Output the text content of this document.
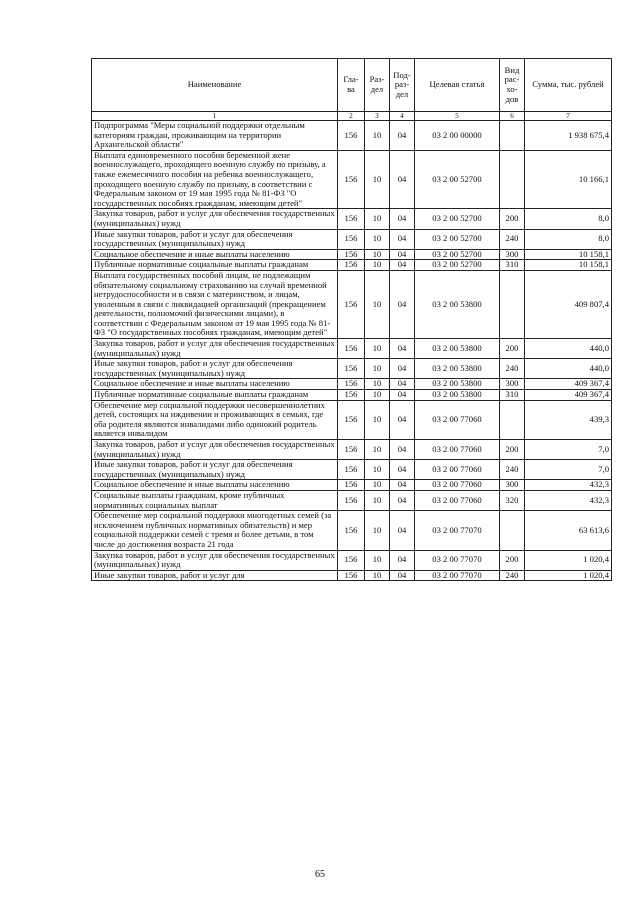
Наименование	Гла-ва	Раз-дел	Под-раз-дел	Целевая статья	Вид рас-хо-дов	Сумма, тыс. рублей
1	2	3	4	5	6	7
Подпрограмма "Меры социальной поддержки отдельным категориям граждан, проживающим на территории Архангельской области"	156	10	04	03 2 00 00000		1 938 675,4
Выплата единовременного пособия беременной жене военнослужащего, проходящего военную службу по призыву, а также ежемесячного пособия на ребенка военнослужащего, проходящего военную службу по призыву, в соответствии с Федеральным законом от 19 мая 1995 года № 81-ФЗ "О государственных пособиях гражданам, имеющим детей"	156	10	04	03 2 00 52700		10 166,1
Закупка товаров, работ и услуг для обеспечения государственных (муниципальных) нужд	156	10	04	03 2 00 52700	200	8,0
Иные закупки товаров, работ и услуг для обеспечения государственных (муниципальных) нужд	156	10	04	03 2 00 52700	240	8,0
Социальное обеспечение и иные выплаты населению	156	10	04	03 2 00 52700	300	10 158,1
Публичные нормативные социальные выплаты гражданам	156	10	04	03 2 00 52700	310	10 158,1
Выплата государственных пособий лицам, не подлежащим обязательному социальному страхованию на случай временной нетрудоспособности и в связи с материнством, и лицам, уволенным в связи с ликвидацией организаций (прекращением деятельности, полномочий физическими лицами), в соответствии с Федеральным законом от 19 мая 1995 года № 81-ФЗ "О государственных пособиях гражданам, имеющим детей"	156	10	04	03 2 00 53800		409 807,4
Закупка товаров, работ и услуг для обеспечения государственных (муниципальных) нужд	156	10	04	03 2 00 53800	200	440,0
Иные закупки товаров, работ и услуг для обеспечения государственных (муниципальных) нужд	156	10	04	03 2 00 53800	240	440,0
Социальное обеспечение и иные выплаты населению	156	10	04	03 2 00 53800	300	409 367,4
Публичные нормативные социальные выплаты гражданам	156	10	04	03 2 00 53800	310	409 367,4
Обеспечение мер социальной поддержки несовершеннолетних детей, состоящих на иждивении и проживающих в семьях, где оба родителя являются инвалидами либо одинокий родитель является инвалидом	156	10	04	03 2 00 77060		439,3
Закупка товаров, работ и услуг для обеспечения государственных (муниципальных) нужд	156	10	04	03 2 00 77060	200	7,0
Иные закупки товаров, работ и услуг для обеспечения государственных (муниципальных) нужд	156	10	04	03 2 00 77060	240	7,0
Социальное обеспечение и иные выплаты населению	156	10	04	03 2 00 77060	300	432,3
Социальные выплаты гражданам, кроме публичных нормативных социальных выплат	156	10	04	03 2 00 77060	320	432,3
Обеспечение мер социальной поддержки многодетных семей (за исключением публичных нормативных обязательств) и мер социальной поддержки семей с тремя и более детьми, в том числе до достижения возраста 21 года	156	10	04	03 2 00 77070		63 613,6
Закупка товаров, работ и услуг для обеспечения государственных (муниципальных) нужд	156	10	04	03 2 00 77070	200	1 020,4
Иные закупки товаров, работ и услуг для	156	10	04	03 2 00 77070	240	1 020,4
65
